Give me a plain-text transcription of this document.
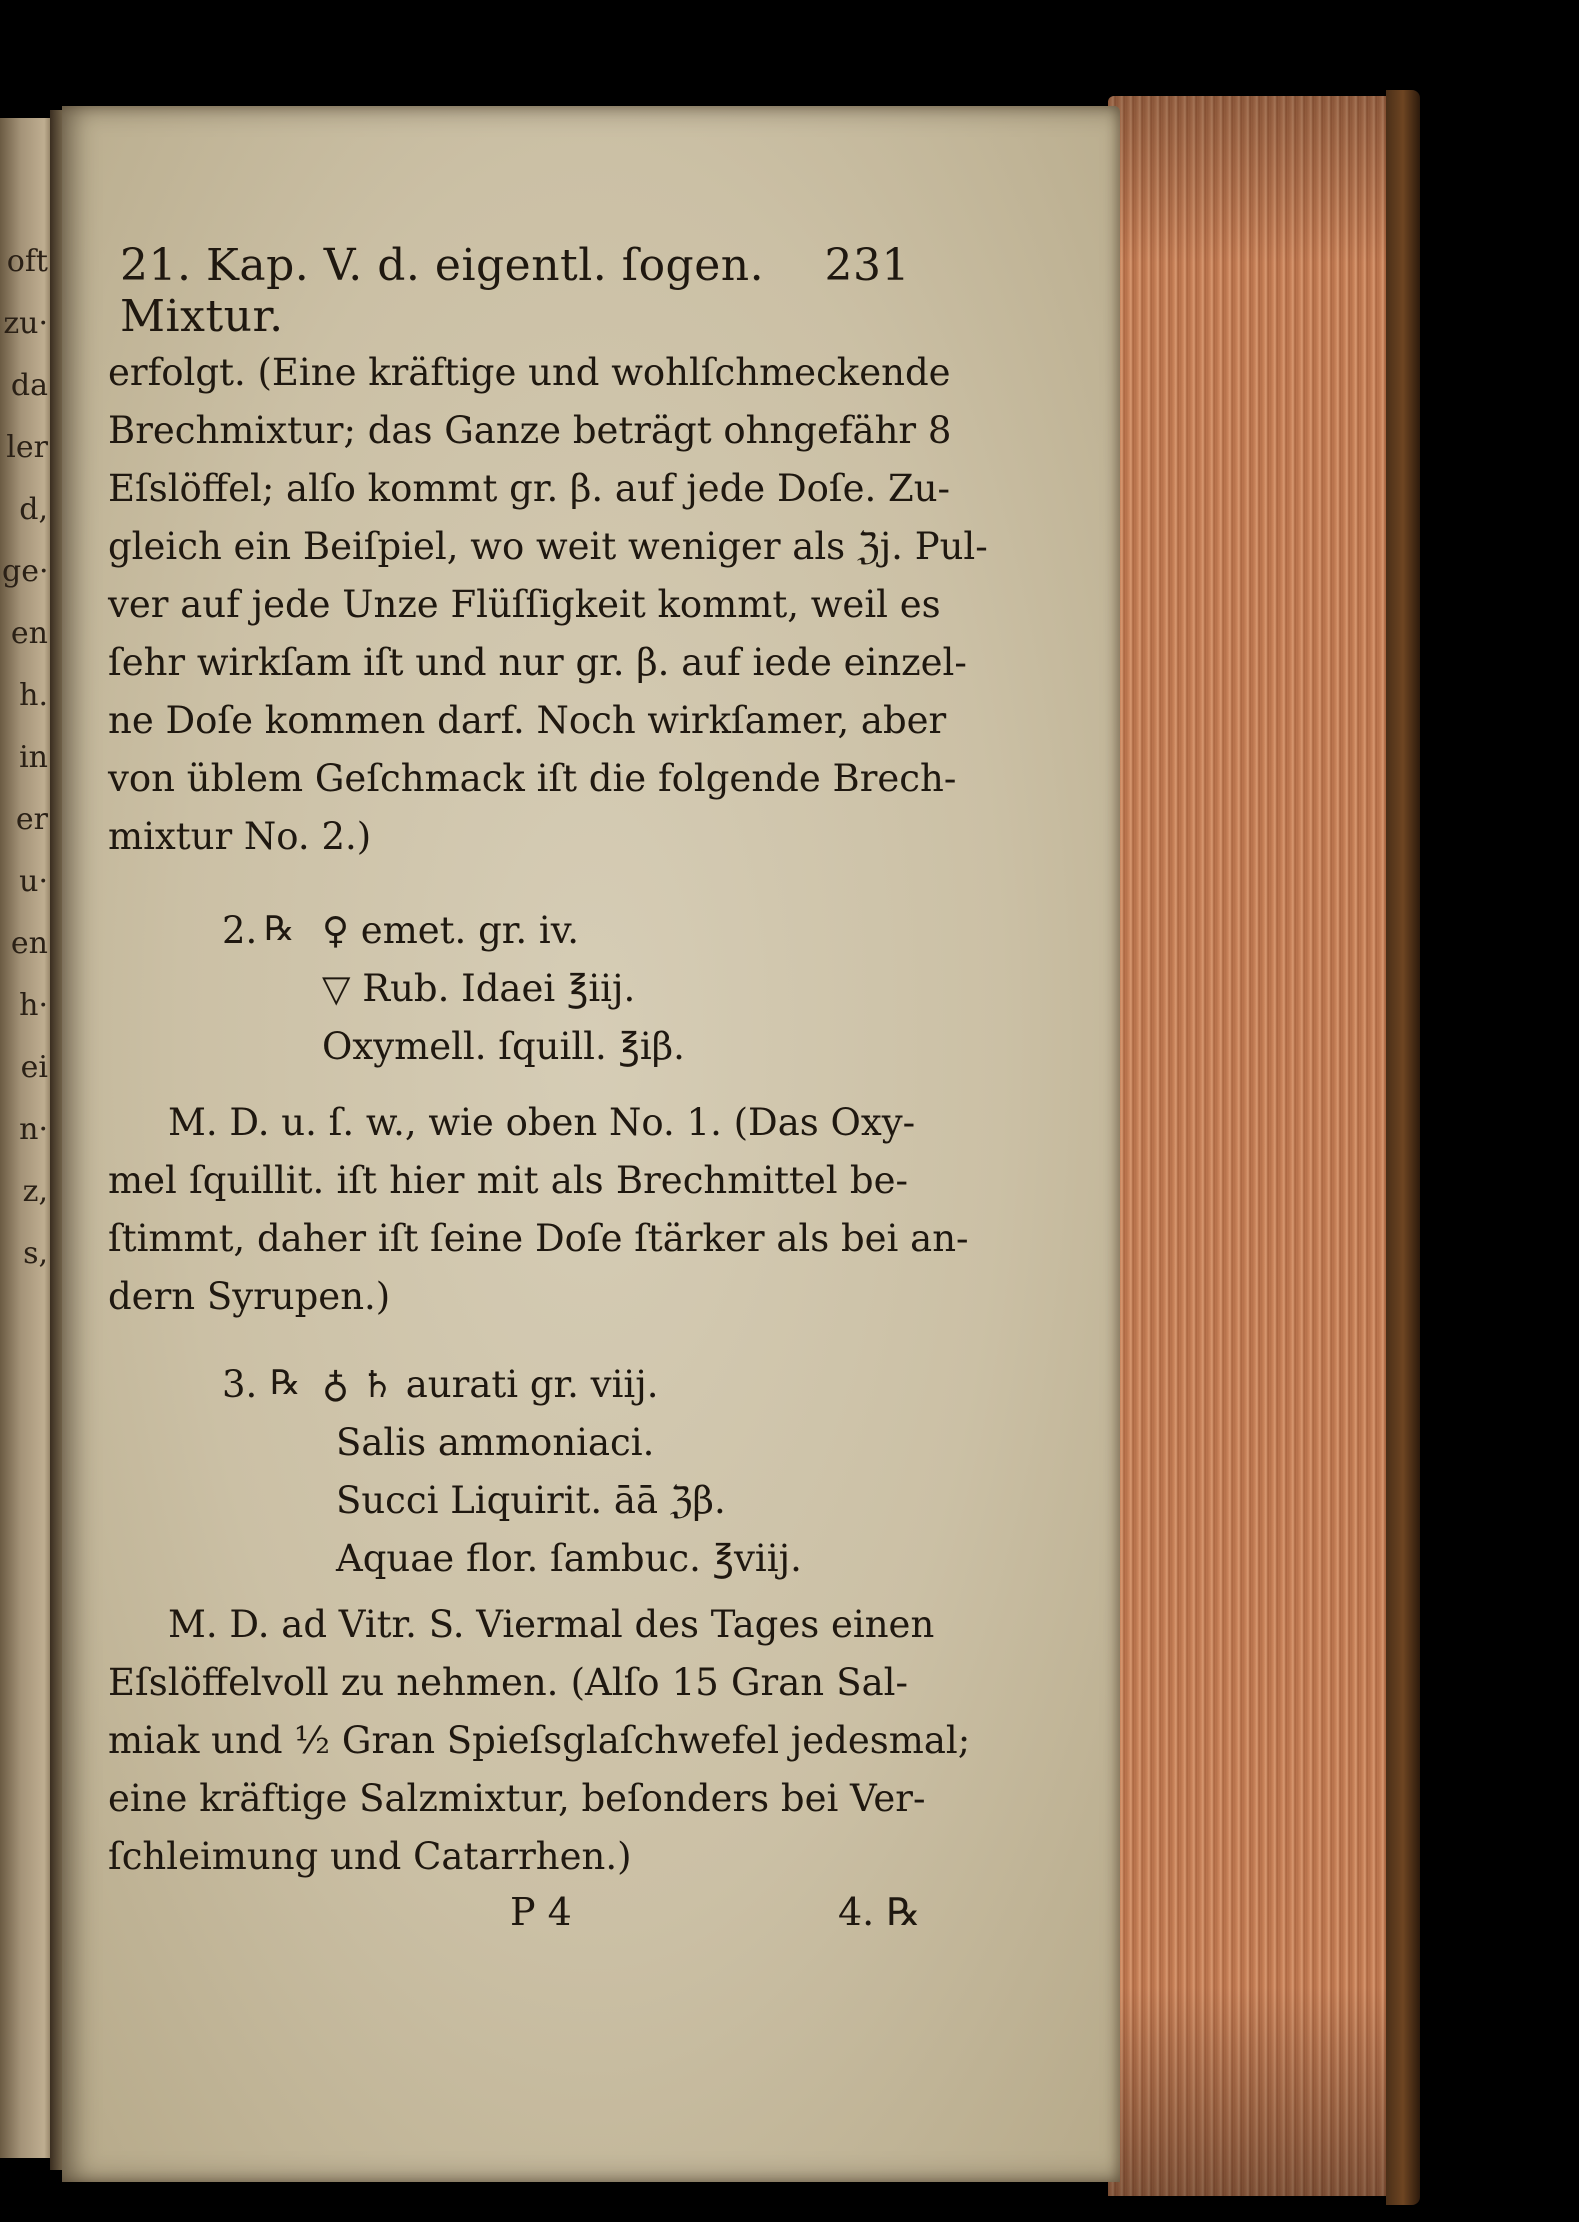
oft
zu·
da
ler
d,
ge·
en
h.
in
er
u·
en
h·
ei
n·
z,
s,
21. Kap. V. d. eigentl. ſogen. Mixtur.
231
erfolgt. (Eine kräftige und wohlſchmeckende
Brechmixtur; das Ganze beträgt ohngefähr 8
Eſslöffel; alſo kommt gr. β. auf jede Doſe. Zu-
gleich ein Beiſpiel, wo weit weniger als ℨj. Pul-
ver auf jede Unze Flüſſigkeit kommt, weil es
ſehr wirkſam iſt und nur gr. β. auf iede einzel-
ne Doſe kommen darf. Noch wirkſamer, aber
von üblem Geſchmack iſt die folgende Brech-
mixtur No. 2.)
2. ℞ ♀ emet. gr. iv.
▽ Rub. Idaei ℥iij.
Oxymell. ſquill. ℥iβ.
M. D. u. ſ. w., wie oben No. 1. (Das Oxy-
mel ſquillit. iſt hier mit als Brechmittel be-
ſtimmt, daher iſt ſeine Doſe ſtärker als bei an-
dern Syrupen.)
3. ℞ ♁ ♄ aurati gr. viij.
Salis ammoniaci.
Succi Liquirit. āā ℨβ.
Aquae flor. ſambuc. ℥viij.
M. D. ad Vitr. S. Viermal des Tages einen
Eſslöffelvoll zu nehmen. (Alſo 15 Gran Sal-
miak und ½ Gran Spieſsglaſchwefel jedesmal;
eine kräftige Salzmixtur, beſonders bei Ver-
ſchleimung und Catarrhen.)
P 4	4. ℞
